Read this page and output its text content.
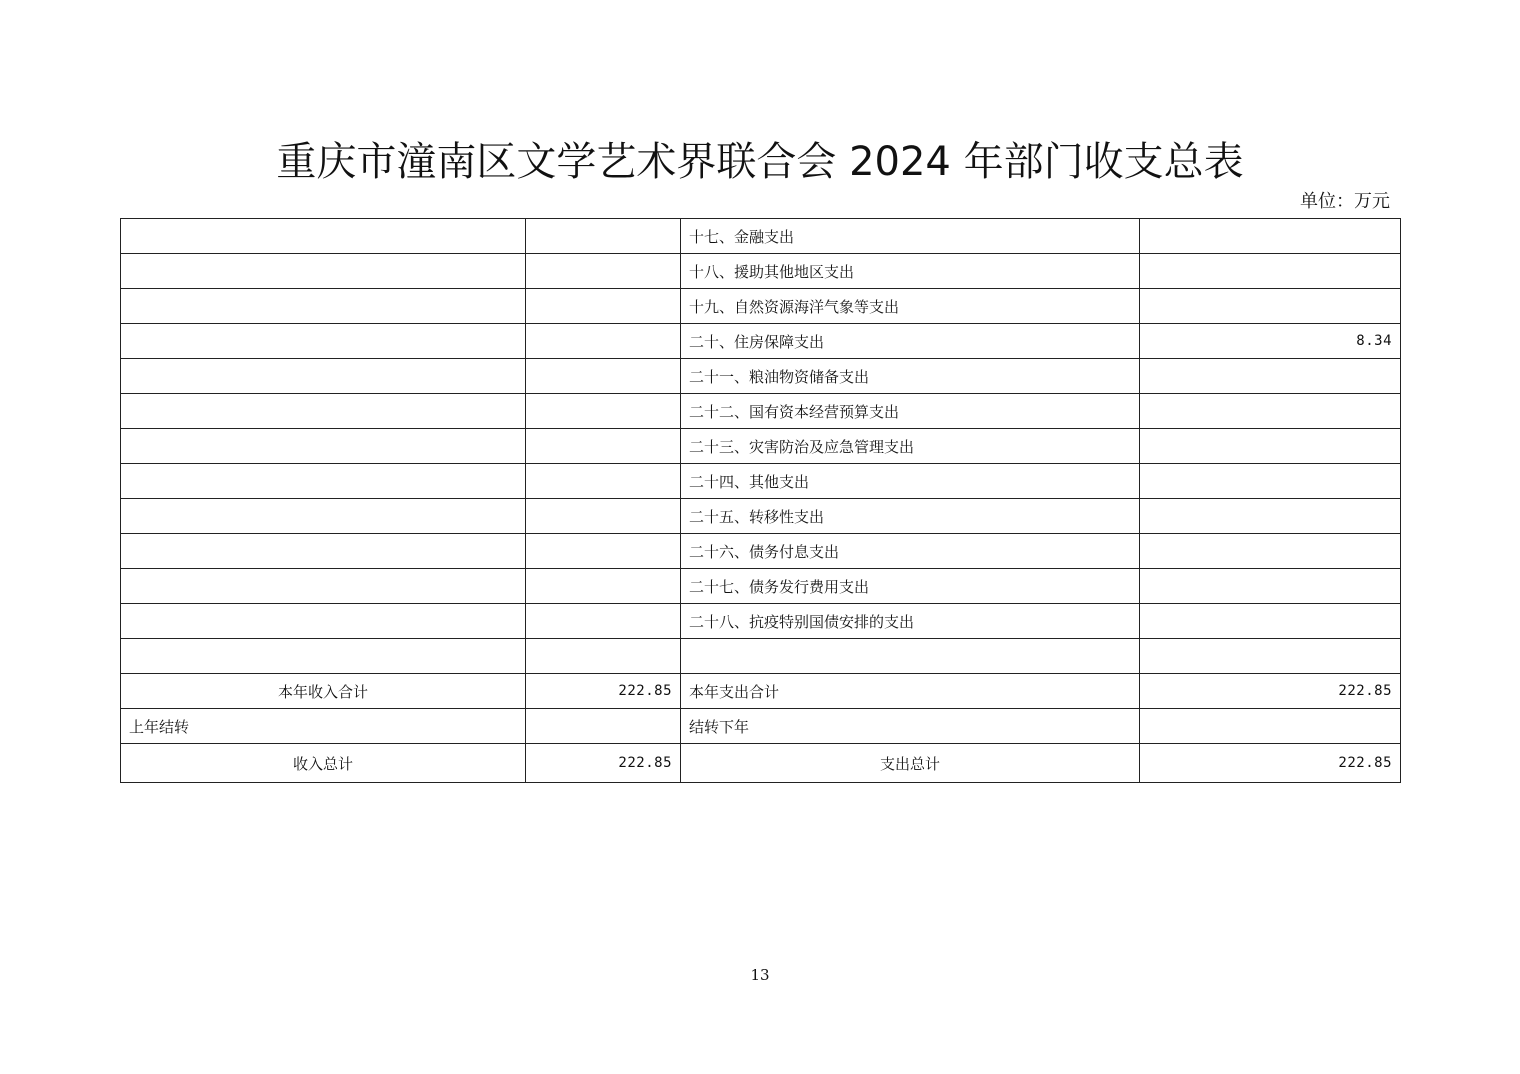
重庆市潼南区文学艺术界联合会 2024 年部门收支总表
单位：万元
		十七、金融支出	
		十八、援助其他地区支出	
		十九、自然资源海洋气象等支出	
		二十、住房保障支出	8.34
		二十一、粮油物资储备支出	
		二十二、国有资本经营预算支出	
		二十三、灾害防治及应急管理支出	
		二十四、其他支出	
		二十五、转移性支出	
		二十六、债务付息支出	
		二十七、债务发行费用支出	
		二十八、抗疫特别国债安排的支出	

本年收入合计	222.85	本年支出合计	222.85
上年结转		结转下年	
收入总计	222.85	支出总计	222.85
13
